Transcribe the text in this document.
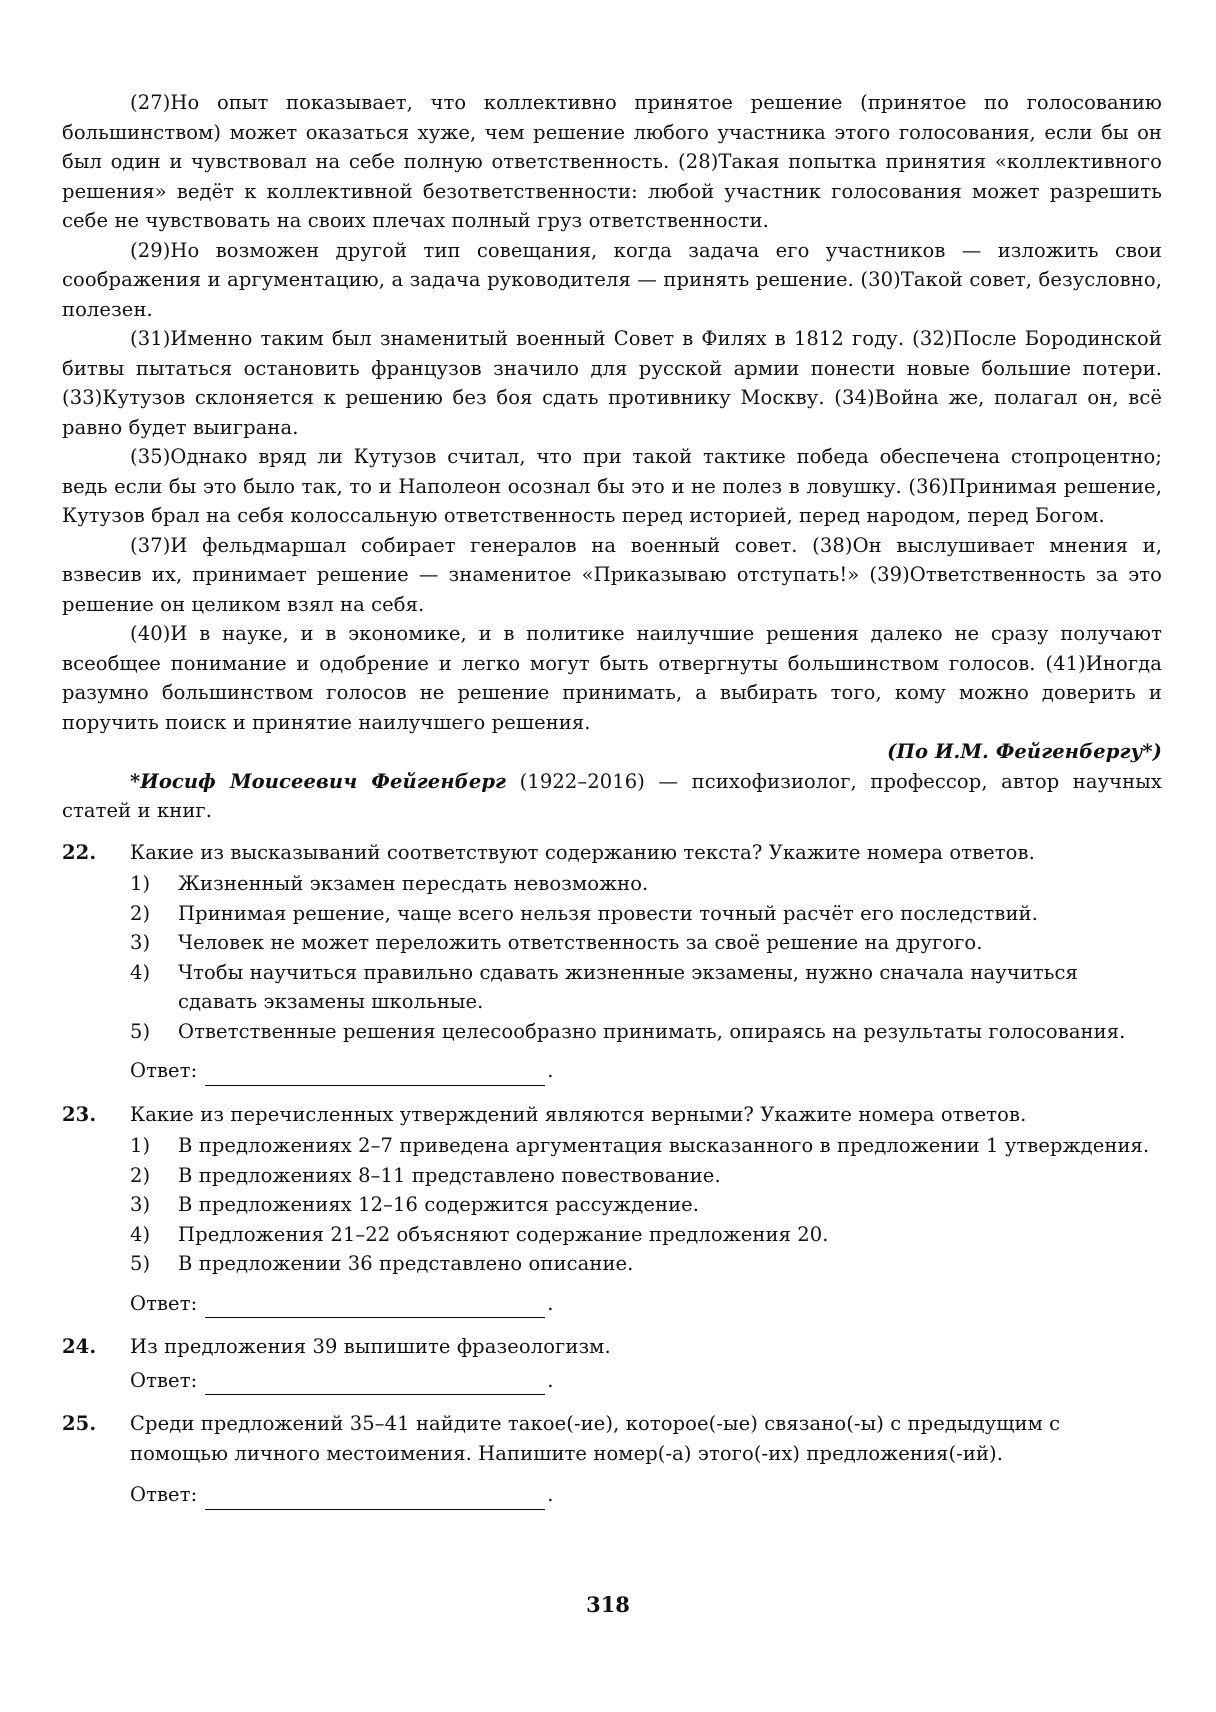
(27)Но опыт показывает, что коллективно принятое решение (принятое по голосованию большинством) может оказаться хуже, чем решение любого участника этого голосования, если бы он был один и чувствовал на себе полную ответственность. (28)Такая попытка принятия «коллективного решения» ведёт к коллективной безответственности: любой участник голосования может разрешить себе не чувствовать на своих плечах полный груз ответственности.

(29)Но возможен другой тип совещания, когда задача его участников — изложить свои соображения и аргументацию, а задача руководителя — принять решение. (30)Такой совет, безусловно, полезен.

(31)Именно таким был знаменитый военный Совет в Филях в 1812 году. (32)После Бородинской битвы пытаться остановить французов значило для русской армии понести новые большие потери. (33)Кутузов склоняется к решению без боя сдать противнику Москву. (34)Война же, полагал он, всё равно будет выиграна.

(35)Однако вряд ли Кутузов считал, что при такой тактике победа обеспечена стопроцентно; ведь если бы это было так, то и Наполеон осознал бы это и не полез в ловушку. (36)Принимая решение, Кутузов брал на себя колоссальную ответственность перед историей, перед народом, перед Богом.

(37)И фельдмаршал собирает генералов на военный совет. (38)Он выслушивает мнения и, взвесив их, принимает решение — знаменитое «Приказываю отступать!» (39)Ответственность за это решение он целиком взял на себя.

(40)И в науке, и в экономике, и в политике наилучшие решения далеко не сразу получают всеобщее понимание и одобрение и легко могут быть отвергнуты большинством голосов. (41)Иногда разумно большинством голосов не решение принимать, а выбирать того, кому можно доверить и поручить поиск и принятие наилучшего решения.

(По И.М. Фейгенбергу*)

*Иосиф Моисеевич Фейгенберг (1922–2016) — психофизиолог, профессор, автор научных статей и книг.

22. Какие из высказываний соответствуют содержанию текста? Укажите номера ответов.
1) Жизненный экзамен пересдать невозможно.
2) Принимая решение, чаще всего нельзя провести точный расчёт его последствий.
3) Человек не может переложить ответственность за своё решение на другого.
4) Чтобы научиться правильно сдавать жизненные экзамены, нужно сначала научиться сдавать экзамены школьные.
5) Ответственные решения целесообразно принимать, опираясь на результаты голосования.
Ответ:	.
23. Какие из перечисленных утверждений являются верными? Укажите номера ответов.
1) В предложениях 2–7 приведена аргументация высказанного в предложении 1 утверждения.
2) В предложениях 8–11 представлено повествование.
3) В предложениях 12–16 содержится рассуждение.
4) Предложения 21–22 объясняют содержание предложения 20.
5) В предложении 36 представлено описание.
Ответ:	.
24. Из предложения 39 выпишите фразеологизм.
Ответ:	.
25. Среди предложений 35–41 найдите такое(-ие), которое(-ые) связано(-ы) с предыдущим с помощью личного местоимения. Напишите номер(-а) этого(-их) предложения(-ий).
Ответ:	.
318
